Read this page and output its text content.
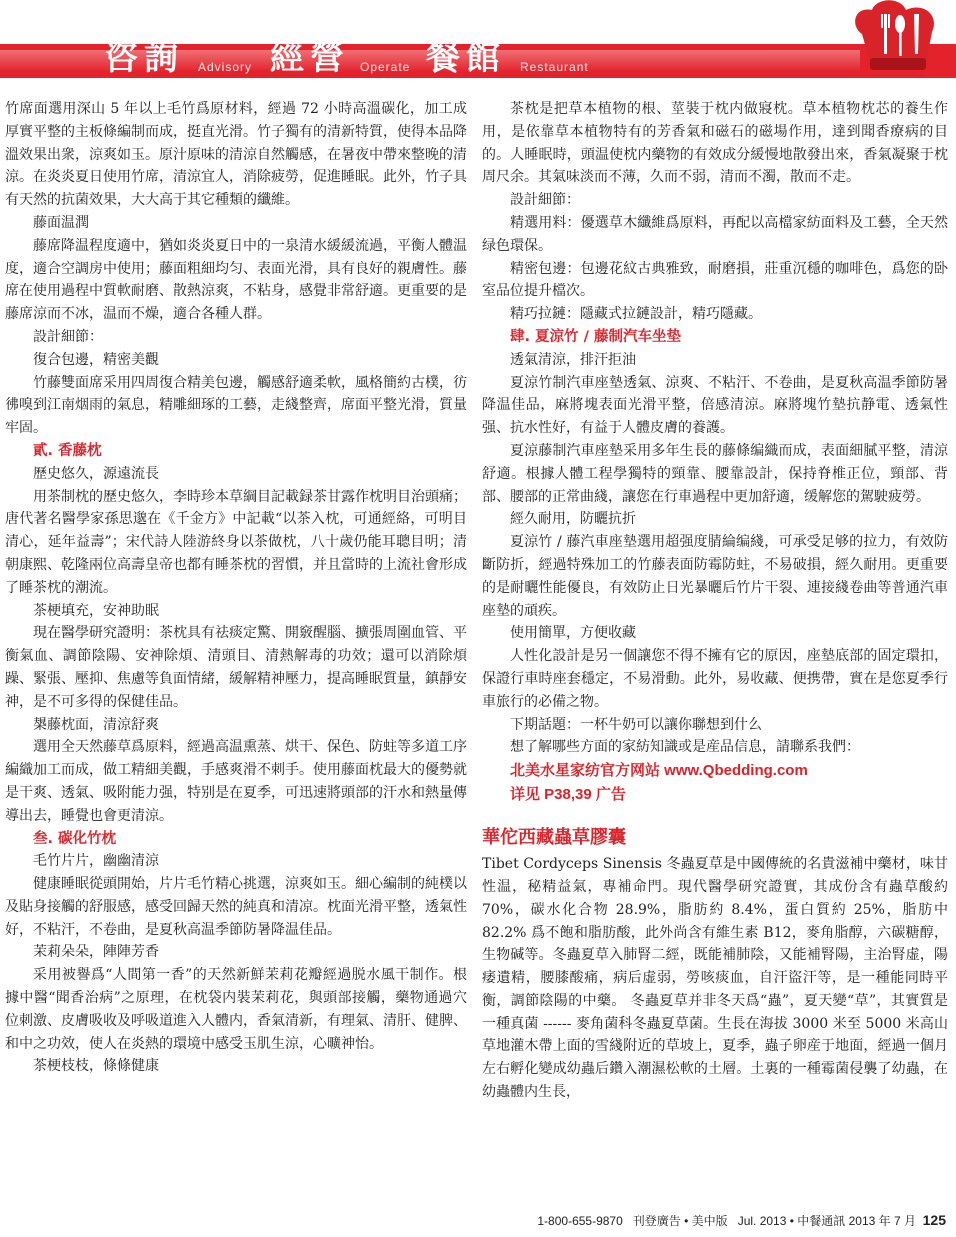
咨詢 Advisory 經營 Operate 餐館 Restaurant

竹席面選用深山 5 年以上毛竹爲原材料，經過 72 小時高溫碳化，加工成厚實平整的主板條編制而成，挺直光滑。竹子獨有的清新特質，使得本品降溫效果出衆，涼爽如玉。原汁原味的清涼自然觸感，在暑夜中帶來整晚的清涼。在炎炎夏日使用竹席，清涼宜人，消除疲勞，促進睡眠。此外，竹子具有天然的抗菌效果，大大高于其它種類的纖維。

藤面温潤

藤席降温程度適中，猶如炎炎夏日中的一泉清水緩緩流過，平衡人體温度，適合空調房中使用；藤面粗細均匀、表面光滑，具有良好的親膚性。藤席在使用過程中質軟耐磨、散熱涼爽，不粘身，感覺非常舒適。更重要的是藤席涼而不冰，温而不燥，適合各種人群。

設計細節：

復合包邊，精密美觀

竹藤雙面席采用四周復合精美包邊，觸感舒適柔軟，風格簡約古樸，彷彿嗅到江南烟雨的氣息，精雕細琢的工藝，走綫整齊，席面平整光滑，質量牢固。

貳. 香藤枕

歷史悠久，源遠流長

用茶制枕的歷史悠久，李時珍本草綱目記載録茶甘露作枕明目治頭痛；唐代著名醫學家孫思邈在《千金方》中記載“以茶入枕，可通經絡，可明目清心，延年益壽”；宋代詩人陸游終身以茶做枕，八十歲仍能耳聰目明；清朝康熙、乾隆兩位高壽皇帝也都有睡茶枕的習慣，并且當時的上流社會形成了睡茶枕的潮流。

茶梗填充，安神助眠

現在醫學研究證明：茶枕具有祛痰定驚、開竅醒腦、擴張周圍血管、平衡氣血、調節陰陽、安神除煩、清頭目、清熱解毒的功效；還可以消除煩躁、緊張、壓抑、焦慮等負面情緒，緩解精神壓力，提高睡眠質量，鎮靜安神，是不可多得的保健佳品。

槼藤枕面，清涼舒爽

選用全天然藤草爲原料，經過高温熏蒸、烘干、保色、防蛀等多道工序編織加工而成，做工精細美觀，手感爽滑不刺手。使用藤面枕最大的優勢就是干爽、透氣、吸附能力强，特别是在夏季，可迅速將頭部的汗水和熱量傳導出去，睡覺也會更清涼。

叁. 碳化竹枕

毛竹片片，幽幽清涼

健康睡眠從頭開始，片片毛竹精心挑選，涼爽如玉。細心編制的純樸以及貼身接觸的舒服感，感受回歸天然的純真和清凉。枕面光滑平整，透氣性好，不粘汗，不卷曲，是夏秋高温季節防暑降温佳品。

茉莉朵朵，陣陣芳香

采用被譽爲“人間第一香”的天然新鮮茉莉花瓣經過脱水風干制作。根據中醫“聞香治病”之原理，在枕袋内裝茉莉花，與頭部接觸，藥物通過穴位刺激、皮膚吸收及呼吸道進入人體内，香氣清新，有理氣、清肝、健脾、和中之功效，使人在炎熱的環境中感受玉肌生涼，心曠神怡。

茶梗枝枝，條條健康

茶枕是把草本植物的根、莖裝于枕内做寢枕。草本植物枕芯的養生作用，是依靠草本植物特有的芳香氣和磁石的磁場作用，達到聞香療病的目的。人睡眠時，頭温使枕内藥物的有效成分緩慢地散發出來，香氣凝聚于枕周尺余。其氣味淡而不薄，久而不弱，清而不濁，散而不走。

設計細節：

精選用料：優選草木纖維爲原料，再配以高檔家紡面料及工藝，全天然绿色環保。

精密包邊：包邊花紋古典雅致，耐磨損，莊重沉穩的咖啡色，爲您的卧室品位提升檔次。

精巧拉鏈：隱藏式拉鏈設計，精巧隱藏。

肆. 夏涼竹 / 藤制汽车坐垫

透氣清涼，排汗拒油

夏涼竹制汽車座墊透氣、涼爽、不粘汗、不卷曲，是夏秋高温季節防暑降温佳品，麻將塊表面光滑平整，倍感清涼。麻將塊竹墊抗静電、透氣性强、抗水性好，有益于人體皮膚的養護。

夏涼藤制汽車座墊采用多年生長的藤條编織而成，表面細膩平整，清涼舒適。根據人體工程學獨特的頸靠、腰靠設計，保持脊椎正位，頸部、背部、腰部的正常曲綫，讓您在行車過程中更加舒適，缓解您的駕駛疲勞。

經久耐用，防曬抗折

夏涼竹 / 藤汽車座墊選用超强度腈綸编綫，可承受足够的拉力，有效防斷防折，經過特殊加工的竹藤表面防霉防蛀，不易破損，經久耐用。更重要的是耐曬性能優良，有效防止日光暴曬后竹片干裂、連接綫卷曲等普通汽車座墊的頑疾。

使用簡單，方便收藏

人性化設計是另一個讓您不得不擁有它的原因，座墊底部的固定環扣，保證行車時座套穩定，不易滑動。此外，易收藏、便携帶，實在是您夏季行車旅行的必備之物。

下期話題：一杯牛奶可以讓你聯想到什么

想了解哪些方面的家紡知識或是産品信息，請聯系我們：

北美水星家纺官方网站 www.Qbedding.com

详见 P38,39 广告

華佗西藏蟲草膠囊

Tibet Cordyceps Sinensis 冬蟲夏草是中國傳統的名貴滋補中藥材，味甘性温，秘精益氣，專補命門。現代醫學研究證實，其成份含有蟲草酸約 70%，碳水化合物 28.9%，脂肪約 8.4%，蛋白質約 25%，脂肪中 82.2% 爲不飽和脂肪酸，此外尚含有維生素 B12，麥角脂醇，六碳糖醇，生物碱等。冬蟲夏草入肺腎二經，既能補肺陰，又能補腎陽，主治腎虚，陽痿遺精，腰膝酸痛，病后虚弱，勞咳痰血，自汗盜汗等，是一種能同時平衡，調節陰陽的中藥。 冬蟲夏草并非冬天爲“蟲”，夏天變“草”，其實質是一種真菌 ------ 麥角菌科冬蟲夏草菌。生長在海拔 3000 米至 5000 米高山草地灌木帶上面的雪綫附近的草坡上，夏季，蟲子卵産于地面，經過一個月左右孵化變成幼蟲后鑽入潮濕松軟的土層。土裏的一種霉菌侵襲了幼蟲，在幼蟲體内生長，

1-800-655-9870 刊登廣告 • 美中版 Jul. 2013 • 中餐通訊 2013 年 7 月 125
